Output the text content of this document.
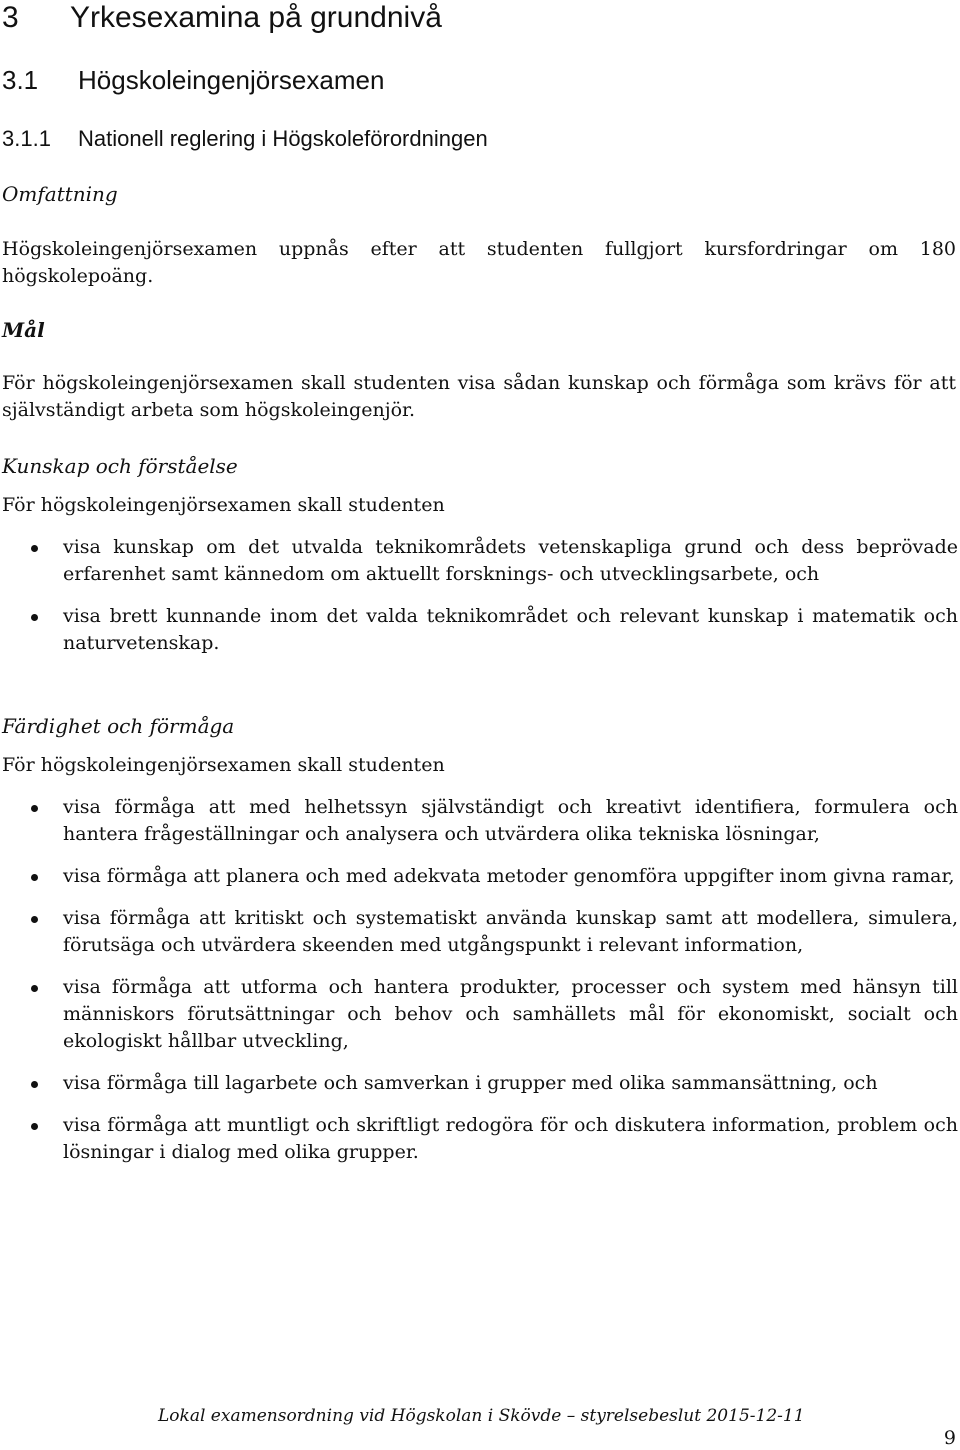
3 Yrkesexamina på grundnivå
3.1 Högskoleingenjörsexamen
3.1.1 Nationell reglering i Högskoleförordningen
Omfattning
Högskoleingenjörsexamen uppnås efter att studenten fullgjort kursfordringar om 180 högskolepoäng.
Mål
För högskoleingenjörsexamen skall studenten visa sådan kunskap och förmåga som krävs för att självständigt arbeta som högskoleingenjör.
Kunskap och förståelse
För högskoleingenjörsexamen skall studenten
visa kunskap om det utvalda teknikområdets vetenskapliga grund och dess beprövade erfarenhet samt kännedom om aktuellt forsknings- och utvecklingsarbete, och
visa brett kunnande inom det valda teknikområdet och relevant kunskap i matematik och naturvetenskap.
Färdighet och förmåga
För högskoleingenjörsexamen skall studenten
visa förmåga att med helhetssyn självständigt och kreativt identifiera, formulera och hantera frågeställningar och analysera och utvärdera olika tekniska lösningar,
visa förmåga att planera och med adekvata metoder genomföra uppgifter inom givna ramar,
visa förmåga att kritiskt och systematiskt använda kunskap samt att modellera, simulera, förutsäga och utvärdera skeenden med utgångspunkt i relevant information,
visa förmåga att utforma och hantera produkter, processer och system med hänsyn till människors förutsättningar och behov och samhällets mål för ekonomiskt, socialt och ekologiskt hållbar utveckling,
visa förmåga till lagarbete och samverkan i grupper med olika sammansättning, och
visa förmåga att muntligt och skriftligt redogöra för och diskutera information, problem och lösningar i dialog med olika grupper.
Lokal examensordning vid Högskolan i Skövde – styrelsebeslut 2015-12-11
9
